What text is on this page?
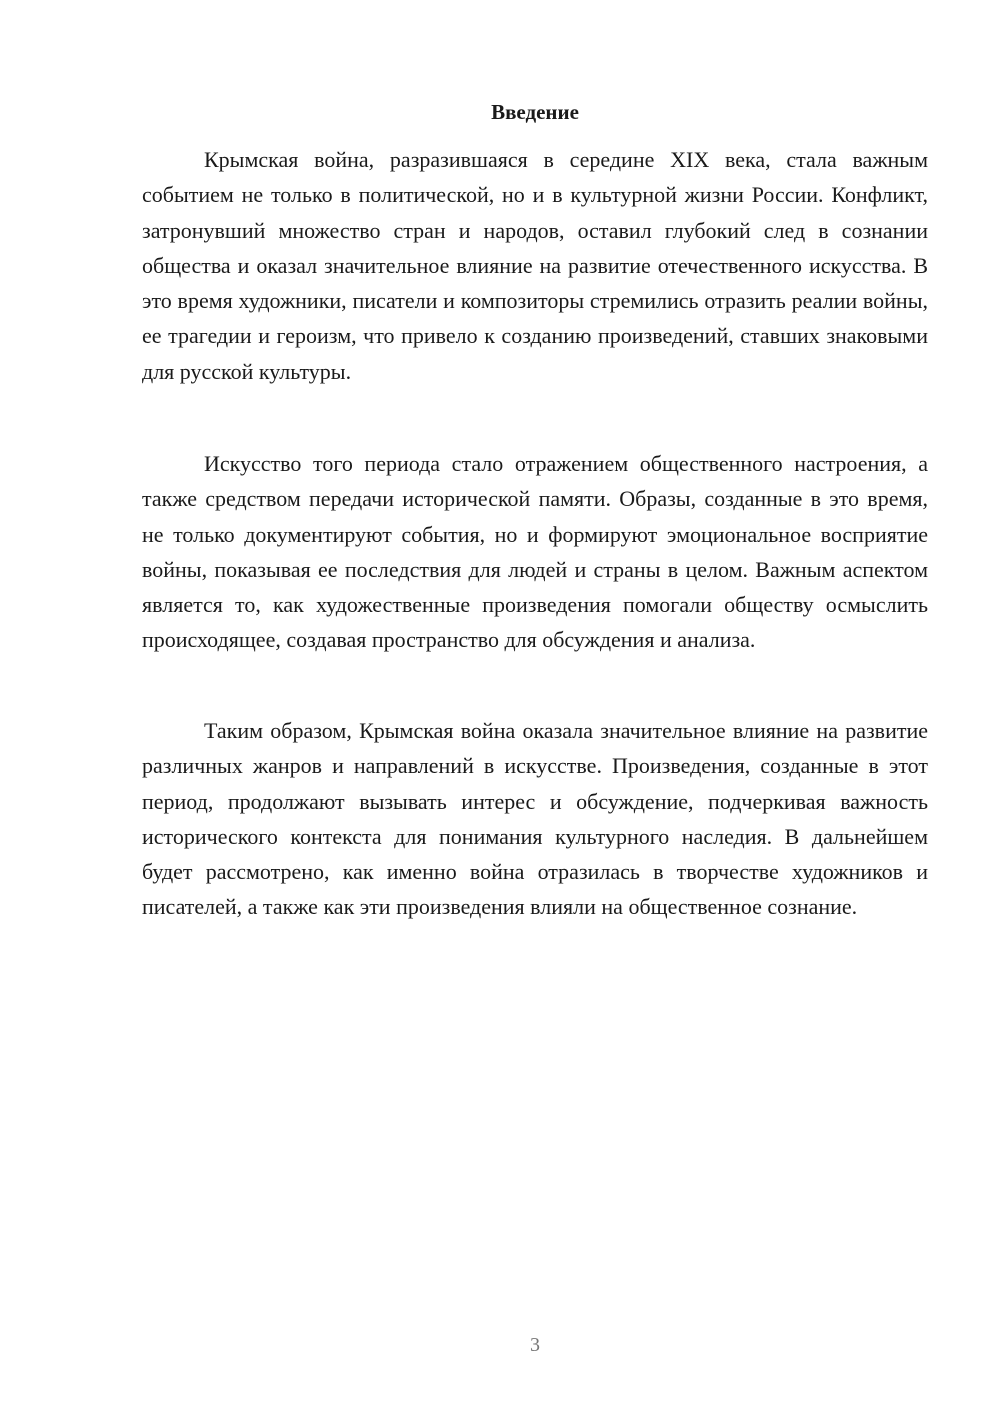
Введение

Крымская война, разразившаяся в середине XIX века, стала важным событием не только в политической, но и в культурной жизни России. Конфликт, затронувший множество стран и народов, оставил глубокий след в сознании общества и оказал значительное влияние на развитие отечественного искусства. В это время художники, писатели и композиторы стремились отразить реалии войны, ее трагедии и героизм, что привело к созданию произведений, ставших знаковыми для русской культуры.

Искусство того периода стало отражением общественного настроения, а также средством передачи исторической памяти. Образы, созданные в это время, не только документируют события, но и формируют эмоциональное восприятие войны, показывая ее последствия для людей и страны в целом. Важным аспектом является то, как художественные произведения помогали обществу осмыслить происходящее, создавая пространство для обсуждения и анализа.

Таким образом, Крымская война оказала значительное влияние на развитие различных жанров и направлений в искусстве. Произведения, созданные в этот период, продолжают вызывать интерес и обсуждение, подчеркивая важность исторического контекста для понимания культурного наследия. В дальнейшем будет рассмотрено, как именно война отразилась в творчестве художников и писателей, а также как эти произведения влияли на общественное сознание.

3
